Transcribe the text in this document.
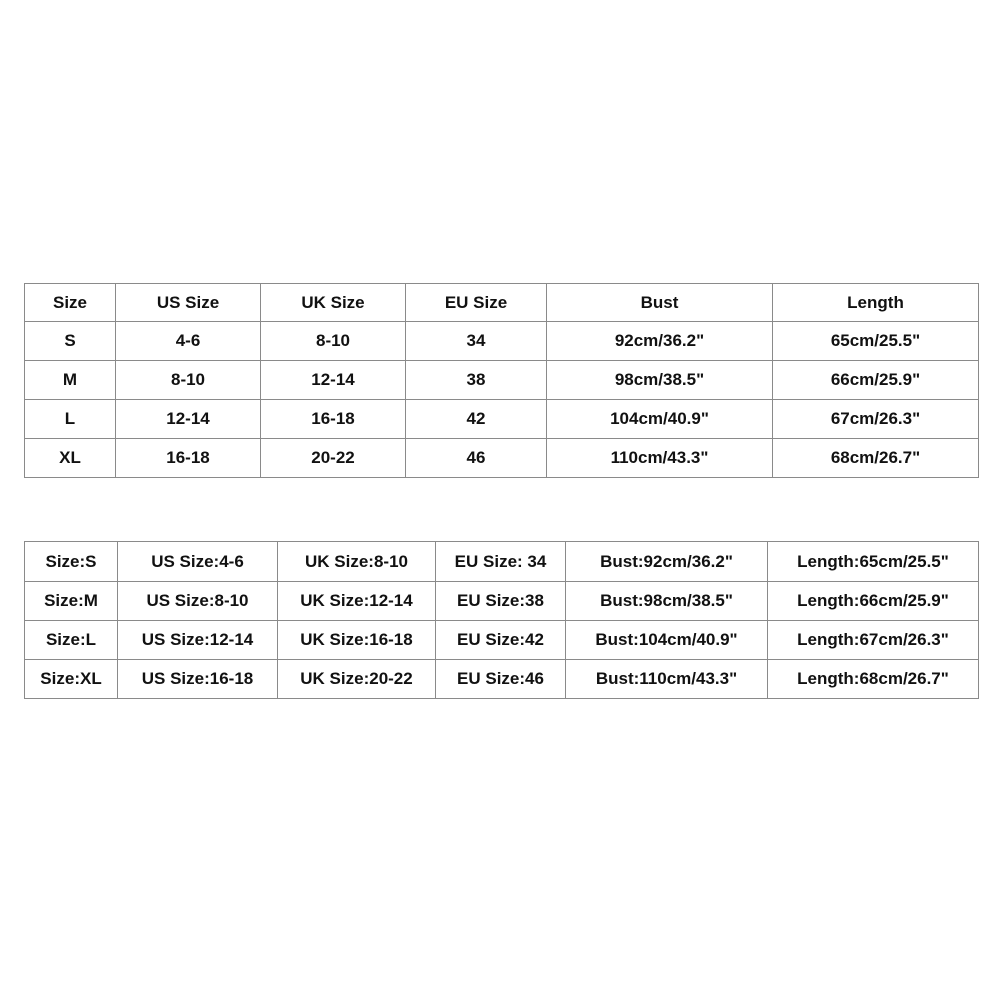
Size	US Size	UK Size	EU Size	Bust	Length
S	4-6	8-10	34	92cm/36.2"	65cm/25.5"
M	8-10	12-14	38	98cm/38.5"	66cm/25.9"
L	12-14	16-18	42	104cm/40.9"	67cm/26.3"
XL	16-18	20-22	46	110cm/43.3"	68cm/26.7"
Size:S	US Size:4-6	UK Size:8-10	EU Size: 34	Bust:92cm/36.2"	Length:65cm/25.5"
Size:M	US Size:8-10	UK Size:12-14	EU Size:38	Bust:98cm/38.5"	Length:66cm/25.9"
Size:L	US Size:12-14	UK Size:16-18	EU Size:42	Bust:104cm/40.9"	Length:67cm/26.3"
Size:XL	US Size:16-18	UK Size:20-22	EU Size:46	Bust:110cm/43.3"	Length:68cm/26.7"
